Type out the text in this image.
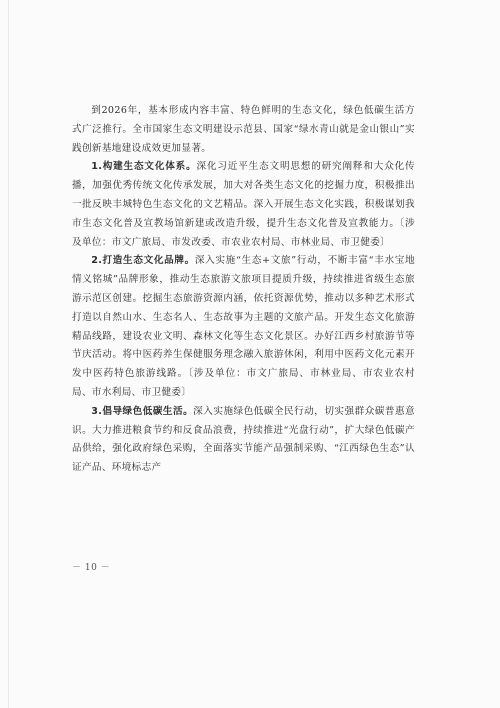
到2026年，基本形成内容丰富、特色鲜明的生态文化，绿色低碳生活方式广泛推行。全市国家生态文明建设示范县、国家“绿水青山就是金山银山”实践创新基地建设成效更加显著。

1.构建生态文化体系。深化习近平生态文明思想的研究阐释和大众化传播，加强优秀传统文化传承发展，加大对各类生态文化的挖掘力度，积极推出一批反映丰城特色生态文化的文艺精品。深入开展生态文化实践，积极谋划我市生态文化普及宣教场馆新建或改造升级，提升生态文化普及宣教能力。〔涉及单位：市文广旅局、市发改委、市农业农村局、市林业局、市卫健委〕

2.打造生态文化品牌。深入实施“生态+文旅”行动，不断丰富“丰水宝地 情义铭城”品牌形象，推动生态旅游文旅项目提质升级，持续推进省级生态旅游示范区创建。挖掘生态旅游资源内涵，依托资源优势，推动以多种艺术形式打造以自然山水、生态名人、生态故事为主题的文旅产品。开发生态文化旅游精品线路，建设农业文明、森林文化等生态文化景区。办好江西乡村旅游节等节庆活动。将中医药养生保健服务理念融入旅游休闲，利用中医药文化元素开发中医药特色旅游线路。〔涉及单位：市文广旅局、市林业局、市农业农村局、市水利局、市卫健委〕

3.倡导绿色低碳生活。深入实施绿色低碳全民行动，切实强群众碳普惠意识。大力推进粮食节约和反食品浪费，持续推进“光盘行动”，扩大绿色低碳产品供给，强化政府绿色采购，全面落实节能产品强制采购、“江西绿色生态”认证产品、环境标志产

－ 10 －
